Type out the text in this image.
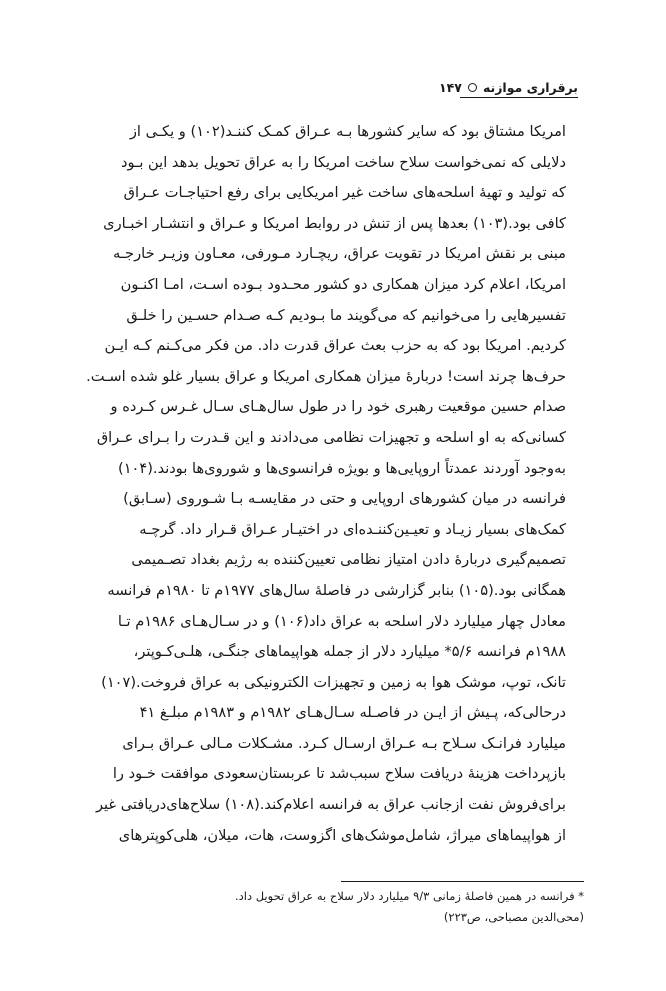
برقراری موازنه
۱۴۷

امریکا مشتاق بود که سایر کشورها بـه عـراق کمـک کننـد(۱۰۲) و یکـی از
دلایلی که نمی‌خواست سلاح ساخت امریکا را به عراق تحویل بدهد این بـود
که تولید و تهیهٔ اسلحه‌های ساخت غیر امریکایی برای رفع احتیاجـات عـراق
کافی بود.(۱۰۳) بعدها پس از تنش در روابط امریکا و عـراق و انتشـار اخبـاری
مبنی بر نقش امریکا در تقویت عراق، ریچـارد مـورفی، معـاون وزیـر خارجـه
امریکا، اعلام کرد میزان همکاری دو کشور محـدود بـوده اسـت، امـا اکنـون
تفسیرهایی را می‌خوانیم که می‌گویند ما بـودیم کـه صـدام حسـین را خلـق
کردیم. امریکا بود که به حزب بعث عراق قدرت داد. من فکر می‌کـنم کـه ایـن
حرف‌ها چرند است! دربارهٔ میزان همکاری امریکا و عراق بسیار غلو شده اسـت.
صدام حسین موقعیت رهبری خود را در طول سال‌هـای سـال غـرس کـرده و
کسانی‌که به او اسلحه و تجهیزات نظامی می‌دادند و این قـدرت را بـرای عـراق
به‌وجود آوردند عمدتاً اروپایی‌ها و بویژه فرانسوی‌ها و شوروی‌ها بودند.(۱۰۴)

فرانسه در میان کشورهای اروپایی و حتی در مقایسـه بـا شـوروی (سـابق)
کمک‌های بسیار زیـاد و تعیـین‌کننـده‌ای در اختیـار عـراق قـرار داد. گرچـه
تصمیم‌گیری دربارهٔ دادن امتیاز نظامی تعیین‌کننده به رژیم بغداد تصـمیمی
همگانی بود.(۱۰۵) بنابر گزارشی در فاصلهٔ سال‌های ۱۹۷۷م تا ۱۹۸۰م فرانسه
معادل چهار میلیارد دلار اسلحه به عراق داد(۱۰۶) و در سـال‌هـای ۱۹۸۶م تـا
۱۹۸۸م فرانسه ۵/۶* میلیارد دلار از جمله هواپیماهای جنگـی، هلـی‌کـوپتر،
تانک، توپ، موشک هوا به زمین و تجهیزات الکترونیکی به عراق فروخت.(۱۰۷)
درحالی‌که، پـیش از ایـن در فاصـله سـال‌هـای ۱۹۸۲م و ۱۹۸۳م مبلـغ ۴۱
میلیارد فرانـک سـلاح بـه عـراق ارسـال کـرد. مشـکلات مـالی عـراق بـرای
بازپرداخت هزینهٔ دریافت سلاح سبب‌شد تا عربستان‌سعودی موافقت خـود را
برای‌فروش نفت ازجانب عراق به فرانسه اعلام‌کند.(۱۰۸) سلاح‌های‌دریافتی غیر
از هواپیماهای میراژ، شامل‌موشک‌های اگزوست، هات، میلان، هلی‌کوپترهای

* فرانسه در همین فاصلهٔ زمانی ۹/۳ میلیارد دلار سلاح به عراق تحویل داد.
(محی‌الدین مصباحی، ص۲۲۳)
